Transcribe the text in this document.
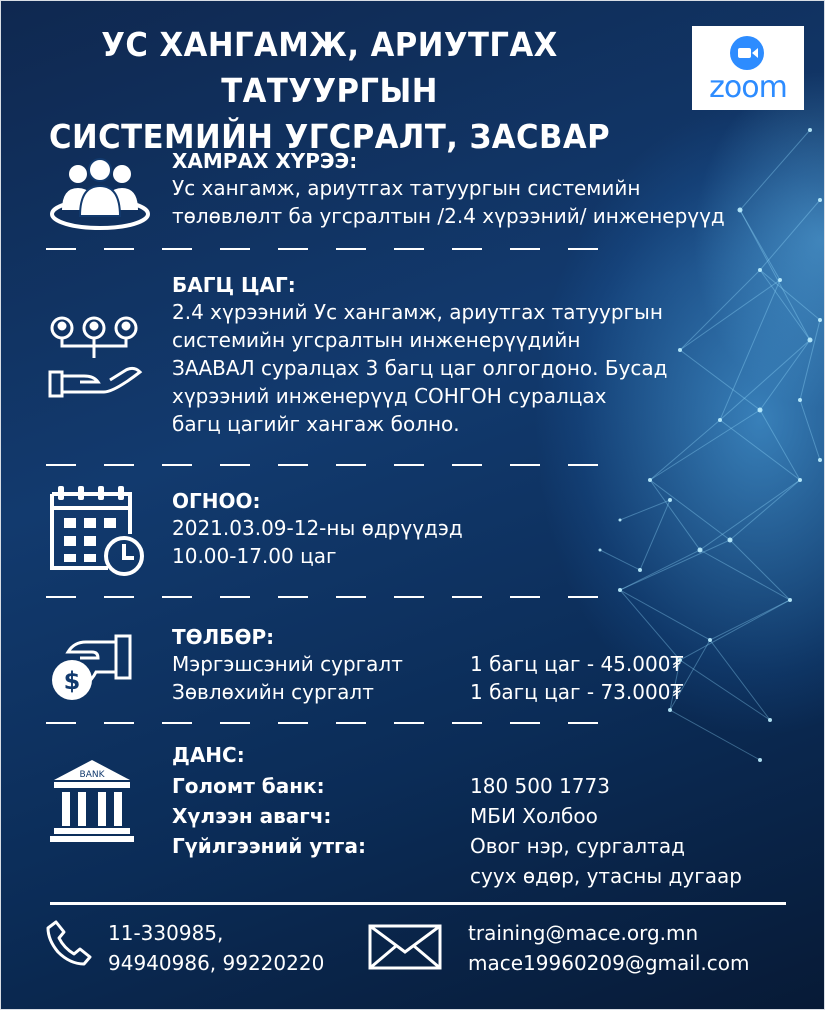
УС ХАНГАМЖ, АРИУТГАХ ТАТУУРГЫН
СИСТЕМИЙН УГСРАЛТ, ЗАСВАР
zoom
ХАМРАХ ХҮРЭЭ:
Ус хангамж, ариутгах татуургын системийн
төлөвлөлт ба угсралтын /2.4 хүрээний/ инженерүүд
БАГЦ ЦАГ:
2.4 хүрээний Ус хангамж, ариутгах татуургын
системийн угсралтын инженерүүдийн
ЗААВАЛ суралцах 3 багц цаг олгогдоно. Бусад
хүрээний инженерүүд СОНГОН суралцах
багц цагийг хангаж болно.
ОГНОО:
2021.03.09-12-ны өдрүүдэд
10.00-17.00 цаг
$
ТӨЛБӨР:
Мэргэшсэний сургалт	1 багц цаг - 45.000₮
Зөвлөхийн сургалт	1 багц цаг - 73.000₮
BANK
ДАНС:
Голомт банк:	180 500 1773
Хүлээн авагч:	МБИ Холбоо
Гүйлгээний утга:	Овог нэр, сургалтад
суух өдөр, утасны дугаар
11-330985,
94940986, 99220220
training@mace.org.mn
mace19960209@gmail.com
